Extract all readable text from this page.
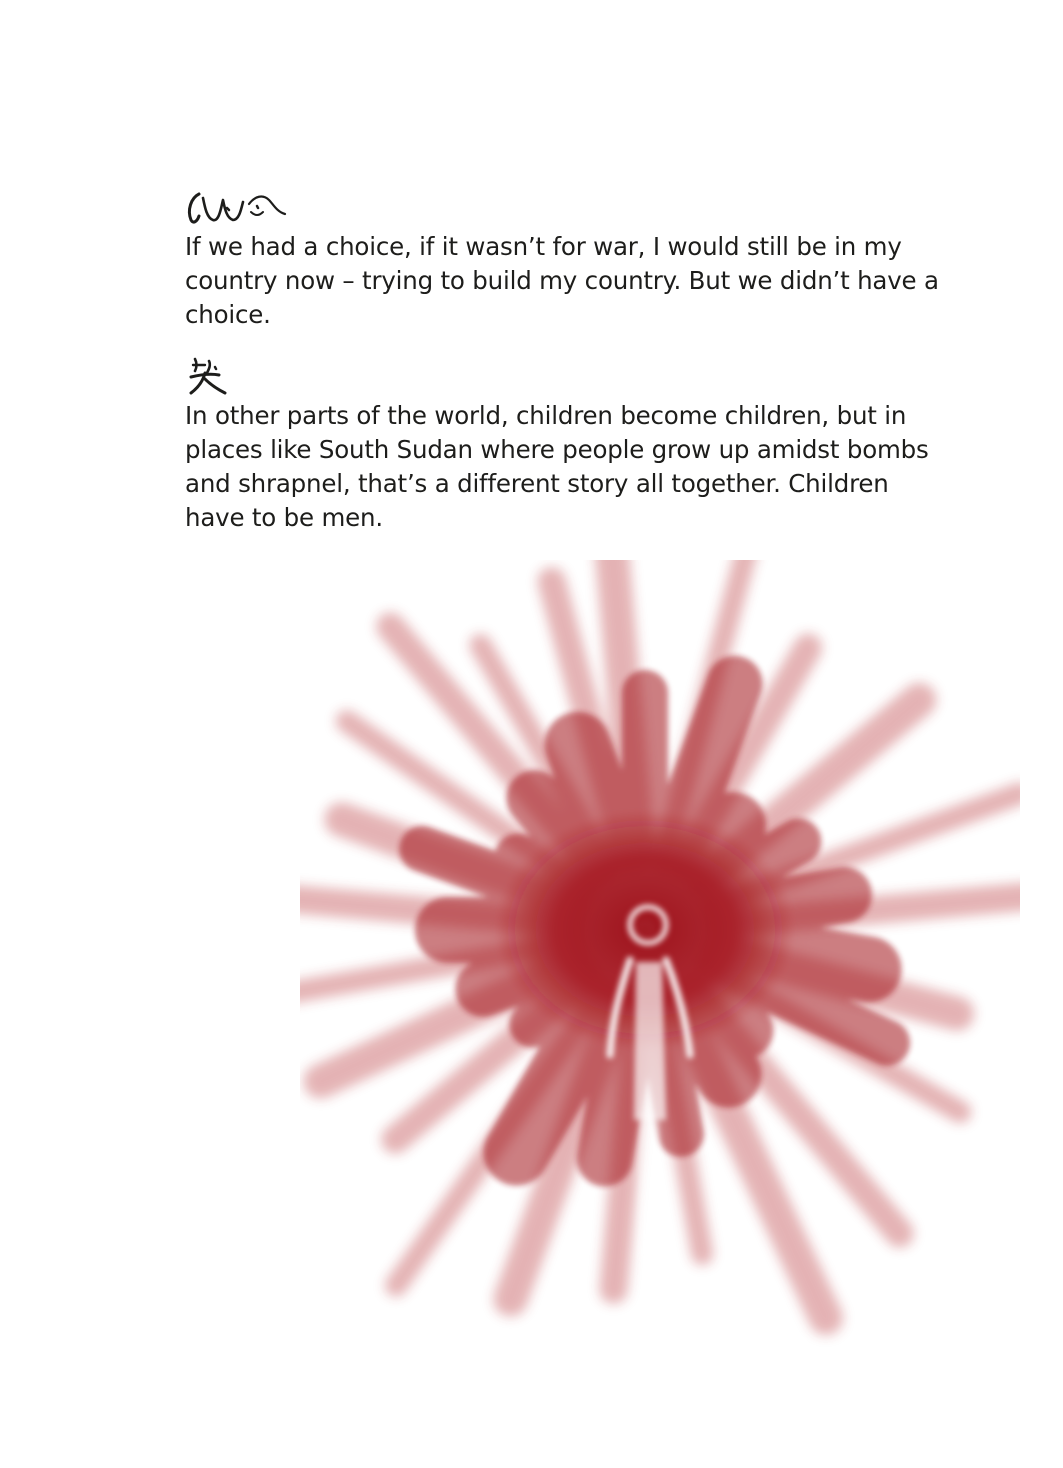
If we had a choice, if it wasn’t for war, I would still be in my country now – trying to build my country. But we didn’t have a choice.

In other parts of the world, children become children, but in places like South Sudan where people grow up amidst bombs and shrapnel, that’s a different story all together. Children have to be men.
